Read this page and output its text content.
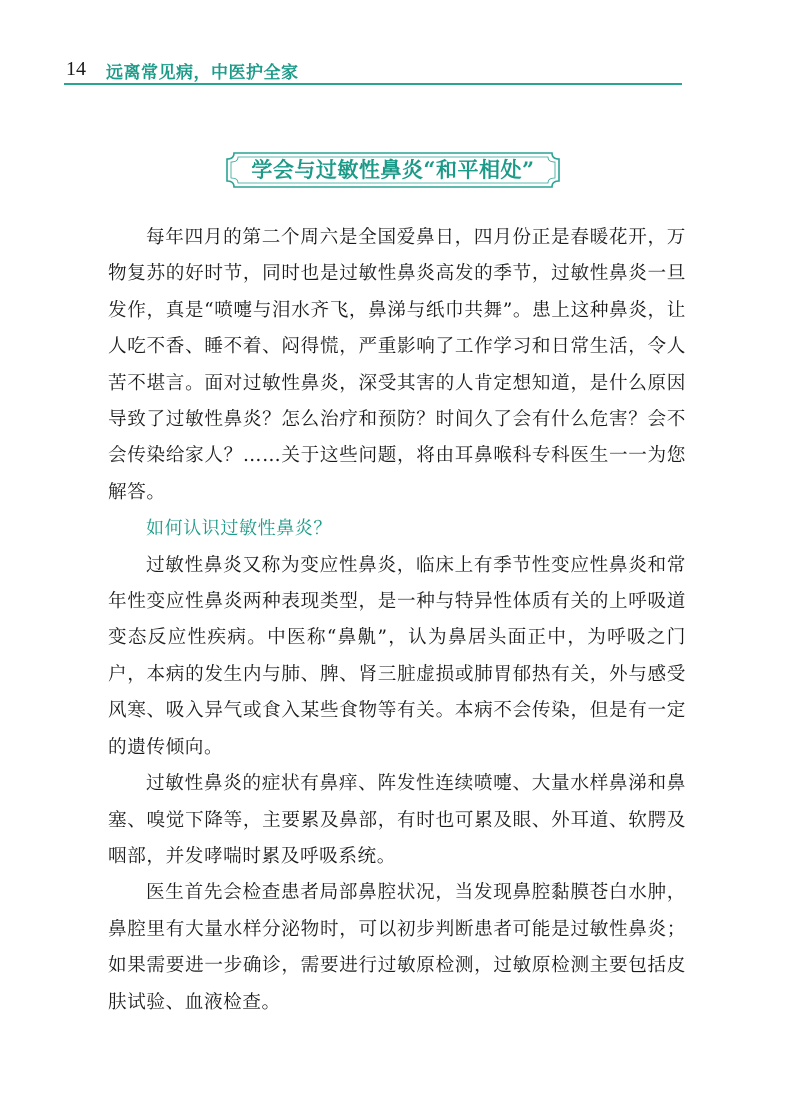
14 远离常见病，中医护全家
学会与过敏性鼻炎“和平相处”

每年四月的第二个周六是全国爱鼻日，四月份正是春暖花开，万物复苏的好时节，同时也是过敏性鼻炎高发的季节，过敏性鼻炎一旦发作，真是“喷嚏与泪水齐飞，鼻涕与纸巾共舞”。患上这种鼻炎，让人吃不香、睡不着、闷得慌，严重影响了工作学习和日常生活，令人苦不堪言。面对过敏性鼻炎，深受其害的人肯定想知道，是什么原因导致了过敏性鼻炎？怎么治疗和预防？时间久了会有什么危害？会不会传染给家人？……关于这些问题，将由耳鼻喉科专科医生一一为您解答。

如何认识过敏性鼻炎？

过敏性鼻炎又称为变应性鼻炎，临床上有季节性变应性鼻炎和常年性变应性鼻炎两种表现类型，是一种与特异性体质有关的上呼吸道变态反应性疾病。中医称“鼻鼽”，认为鼻居头面正中，为呼吸之门户，本病的发生内与肺、脾、肾三脏虚损或肺胃郁热有关，外与感受风寒、吸入异气或食入某些食物等有关。本病不会传染，但是有一定的遗传倾向。

过敏性鼻炎的症状有鼻痒、阵发性连续喷嚏、大量水样鼻涕和鼻塞、嗅觉下降等，主要累及鼻部，有时也可累及眼、外耳道、软腭及咽部，并发哮喘时累及呼吸系统。

医生首先会检查患者局部鼻腔状况，当发现鼻腔黏膜苍白水肿，鼻腔里有大量水样分泌物时，可以初步判断患者可能是过敏性鼻炎；如果需要进一步确诊，需要进行过敏原检测，过敏原检测主要包括皮肤试验、血液检查。
